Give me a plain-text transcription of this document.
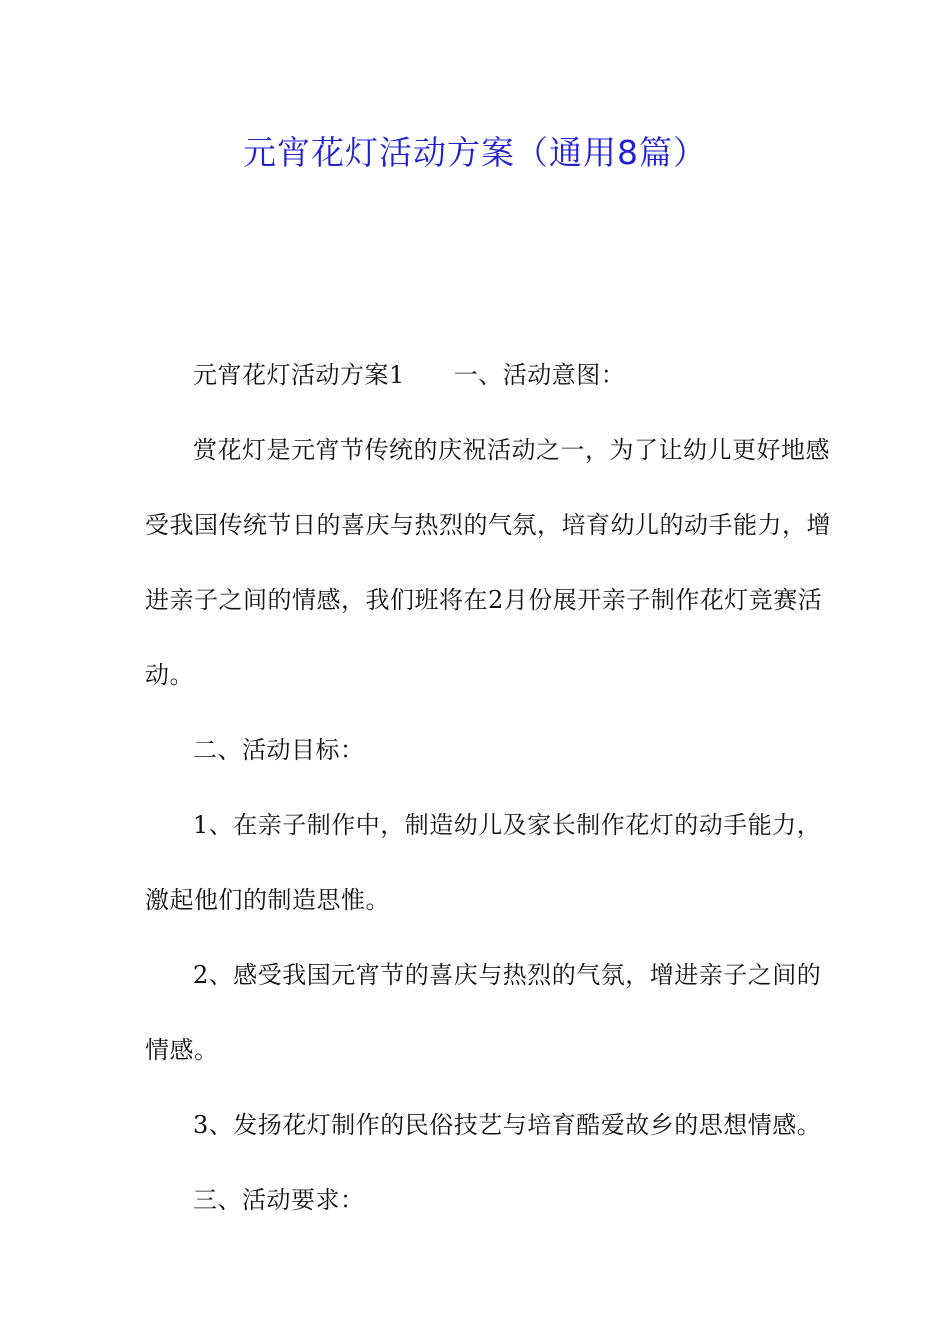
元宵花灯活动方案（通用8篇）

元宵花灯活动方案1　　一、活动意图：

赏花灯是元宵节传统的庆祝活动之一，为了让幼儿更好地感受我国传统节日的喜庆与热烈的气氛，培育幼儿的动手能力，增进亲子之间的情感，我们班将在2月份展开亲子制作花灯竞赛活动。

二、活动目标：

1、在亲子制作中，制造幼儿及家长制作花灯的动手能力，激起他们的制造思惟。

2、感受我国元宵节的喜庆与热烈的气氛，增进亲子之间的情感。

3、发扬花灯制作的民俗技艺与培育酷爱故乡的思想情感。

三、活动要求：
